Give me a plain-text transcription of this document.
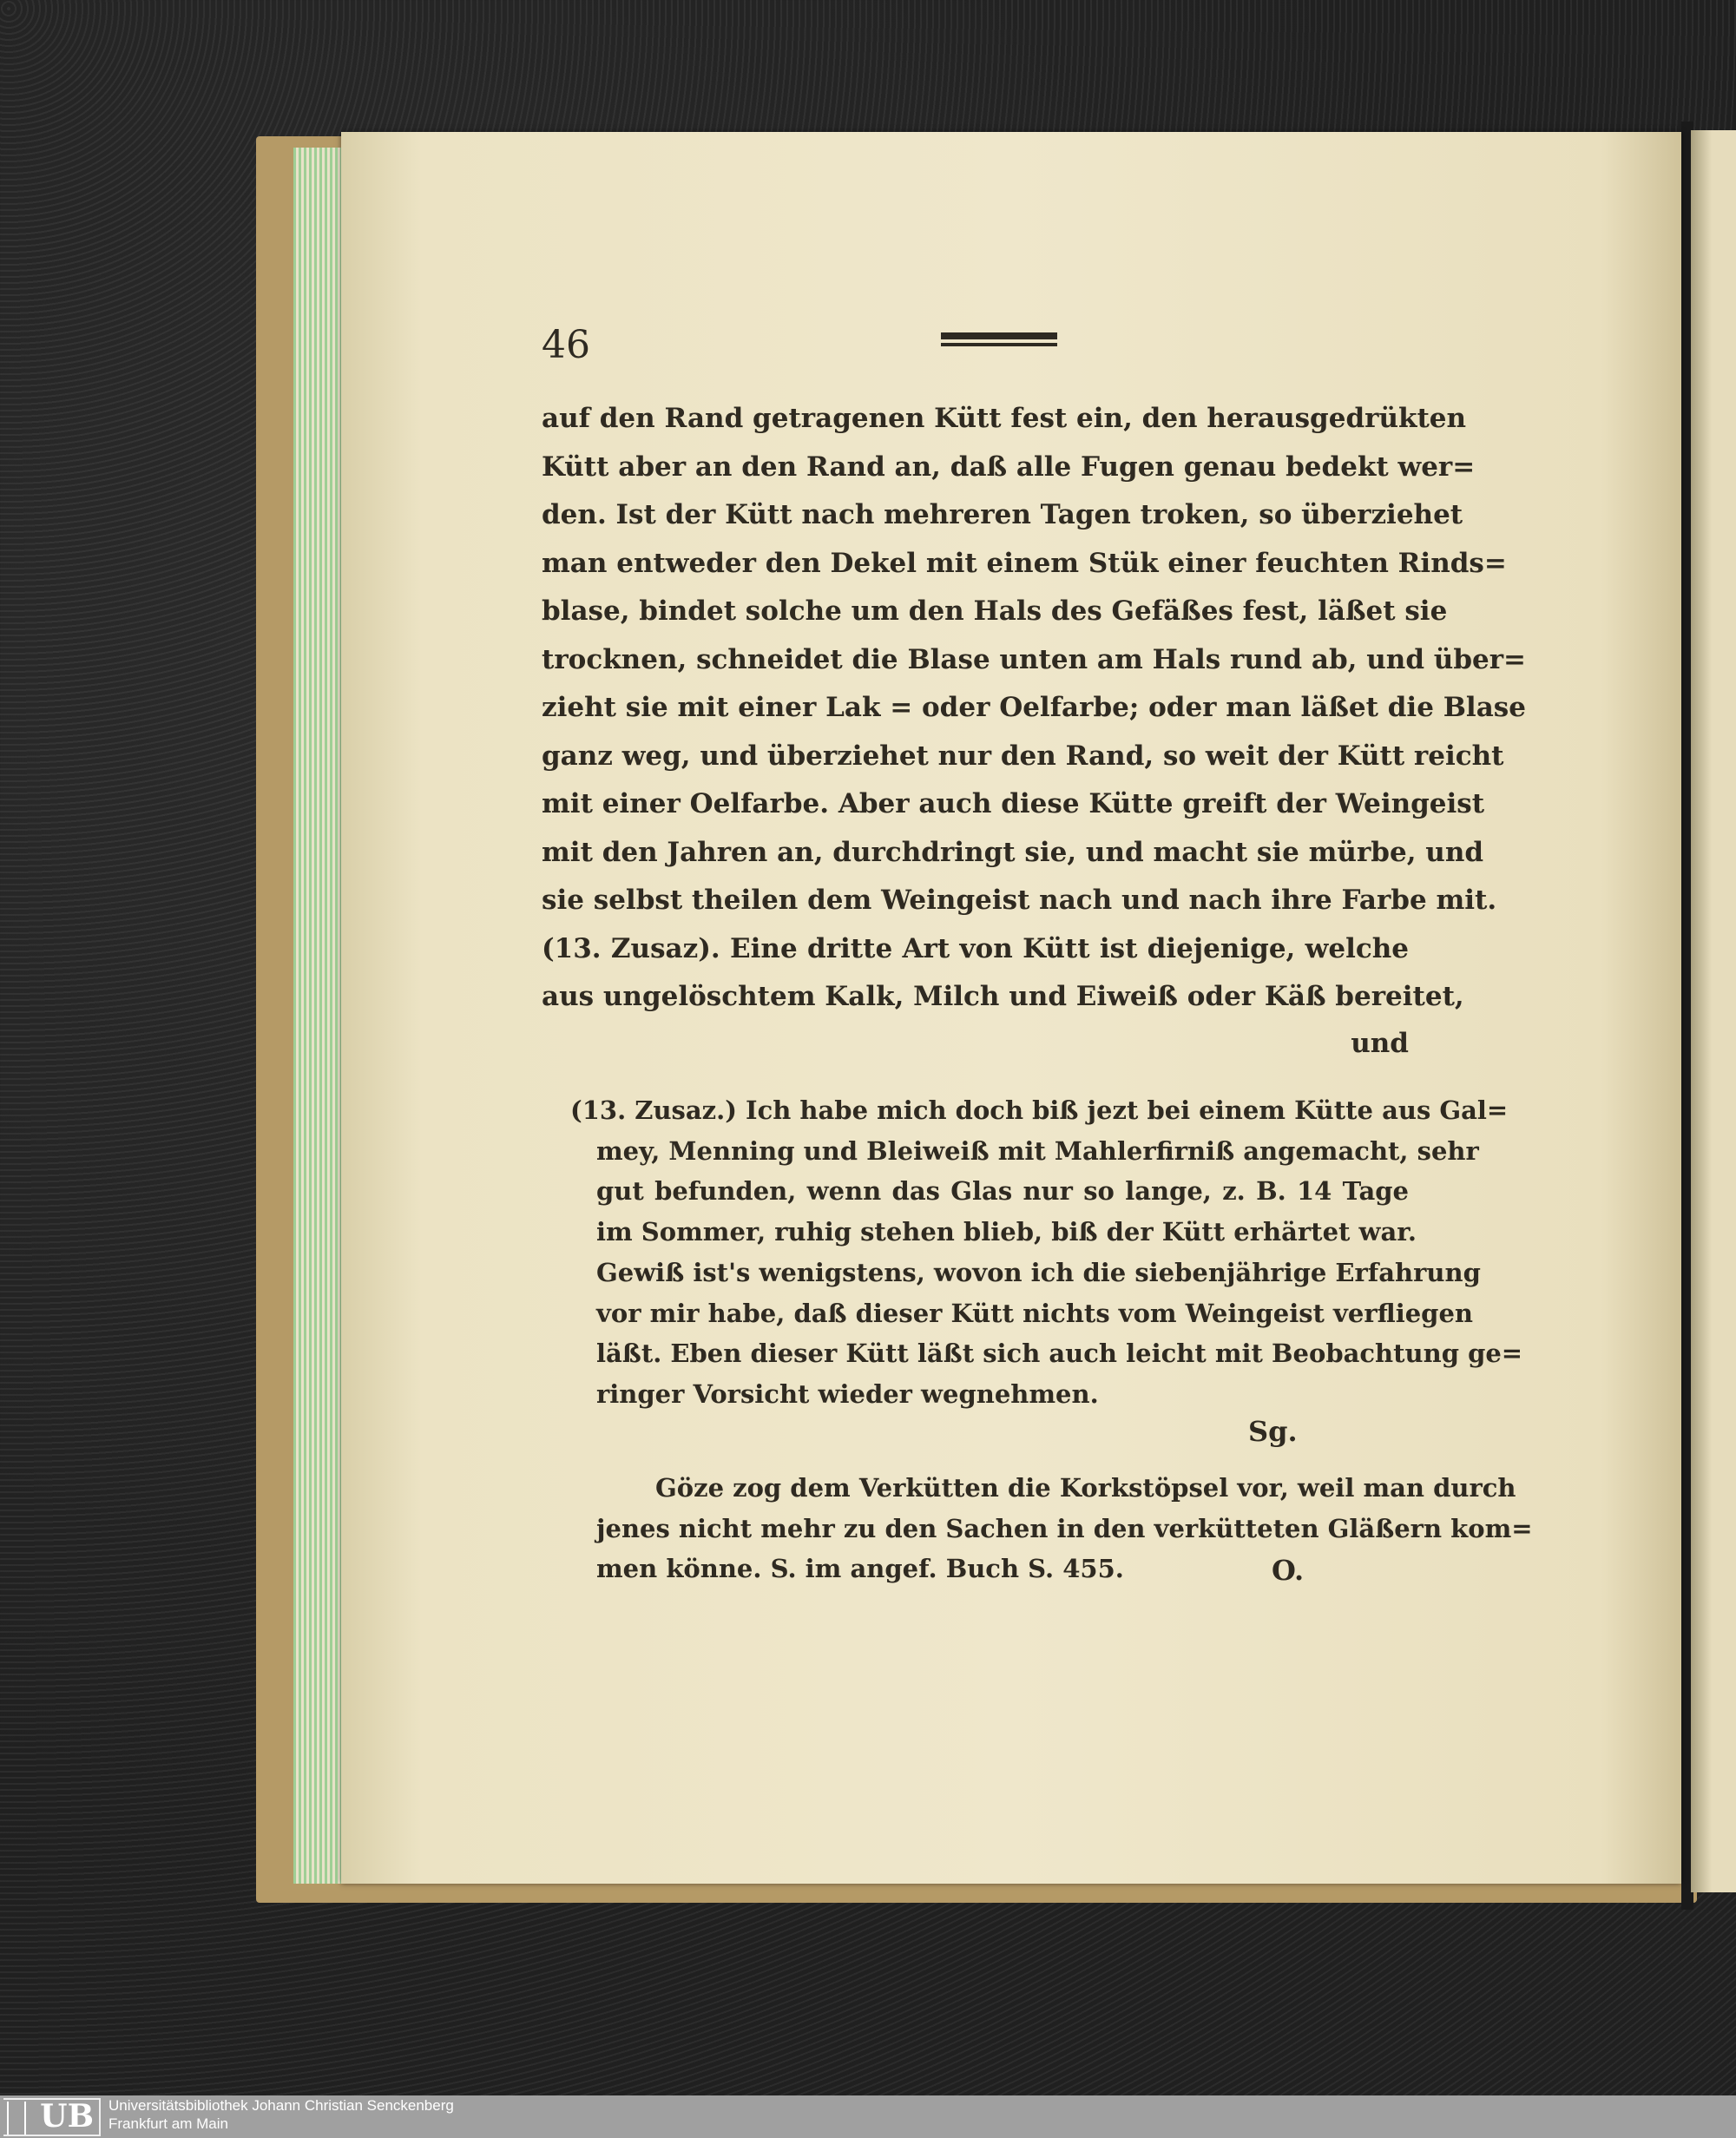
46
auf den Rand getragenen Kütt fest ein, den herausgedrükten
Kütt aber an den Rand an, daß alle Fugen genau bedekt wer=
den. Ist der Kütt nach mehreren Tagen troken, so überziehet
man entweder den Dekel mit einem Stük einer feuchten Rinds=
blase, bindet solche um den Hals des Gefäßes fest, läßet sie
trocknen, schneidet die Blase unten am Hals rund ab, und über=
zieht sie mit einer Lak = oder Oelfarbe; oder man läßet die Blase
ganz weg, und überziehet nur den Rand, so weit der Kütt reicht
mit einer Oelfarbe. Aber auch diese Kütte greift der Weingeist
mit den Jahren an, durchdringt sie, und macht sie mürbe, und
sie selbst theilen dem Weingeist nach und nach ihre Farbe mit.
(13. Zusaz). Eine dritte Art von Kütt ist diejenige, welche
aus ungelöschtem Kalk, Milch und Eiweiß oder Käß bereitet,
und
(13. Zusaz.) Ich habe mich doch biß jezt bei einem Kütte aus Gal=
mey, Menning und Bleiweiß mit Mahlerfirniß angemacht, sehr
gut befunden, wenn das Glas nur so lange, z. B. 14 Tage
im Sommer, ruhig stehen blieb, biß der Kütt erhärtet war.
Gewiß ist's wenigstens, wovon ich die siebenjährige Erfahrung
vor mir habe, daß dieser Kütt nichts vom Weingeist verfliegen
läßt. Eben dieser Kütt läßt sich auch leicht mit Beobachtung ge=
ringer Vorsicht wieder wegnehmen.
Sg.
Göze zog dem Verkütten die Korkstöpsel vor, weil man durch
jenes nicht mehr zu den Sachen in den verkütteten Gläßern kom=
men könne. S. im angef. Buch S. 455.	O.
UB Universitätsbibliothek Johann Christian Senckenberg
Frankfurt am Main
